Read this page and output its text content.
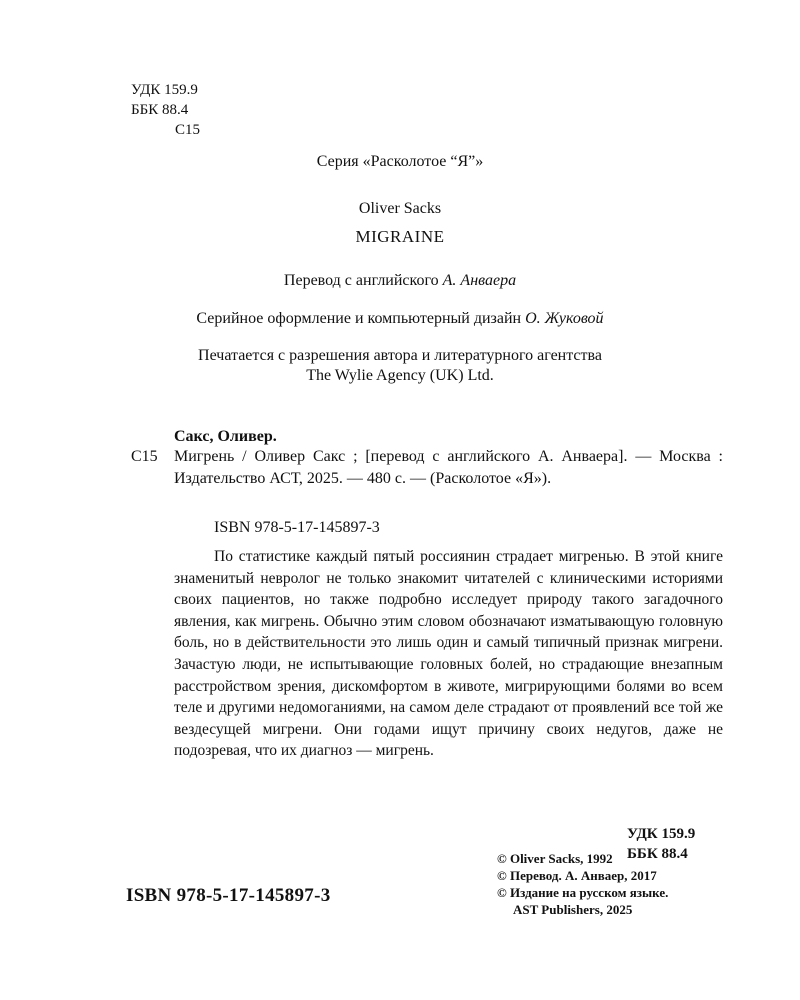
УДК 159.9
ББК 88.4
С15
Серия «Расколотое “Я”»
Oliver Sacks
MIGRAINE
Перевод с английского А. Анваера
Серийное оформление и компьютерный дизайн О. Жуковой
Печатается с разрешения автора и литературного агентства
The Wylie Agency (UK) Ltd.
Сакс, Оливер.
С15 Мигрень / Оливер Сакс ; [перевод с английского А. Анваера]. — Москва : Издательство АСТ, 2025. — 480 с. — (Расколотое «Я»).
ISBN 978-5-17-145897-3
По статистике каждый пятый россиянин страдает мигренью. В этой книге знаменитый невролог не только знакомит читателей с клиническими историями своих пациентов, но также подробно исследует природу такого загадочного явления, как мигрень. Обычно этим словом обозначают изматывающую головную боль, но в действительности это лишь один и самый типичный признак мигрени. Зачастую люди, не испытывающие головных болей, но страдающие внезапным расстройством зрения, дискомфортом в животе, мигрирующими болями во всем теле и другими недомоганиями, на самом деле страдают от проявлений все той же вездесущей мигрени. Они годами ищут причину своих недугов, даже не подозревая, что их диагноз — мигрень.
УДК 159.9
ББК 88.4
© Oliver Sacks, 1992
© Перевод. А. Анваер, 2017
© Издание на русском языке.
AST Publishers, 2025
ISBN 978-5-17-145897-3
